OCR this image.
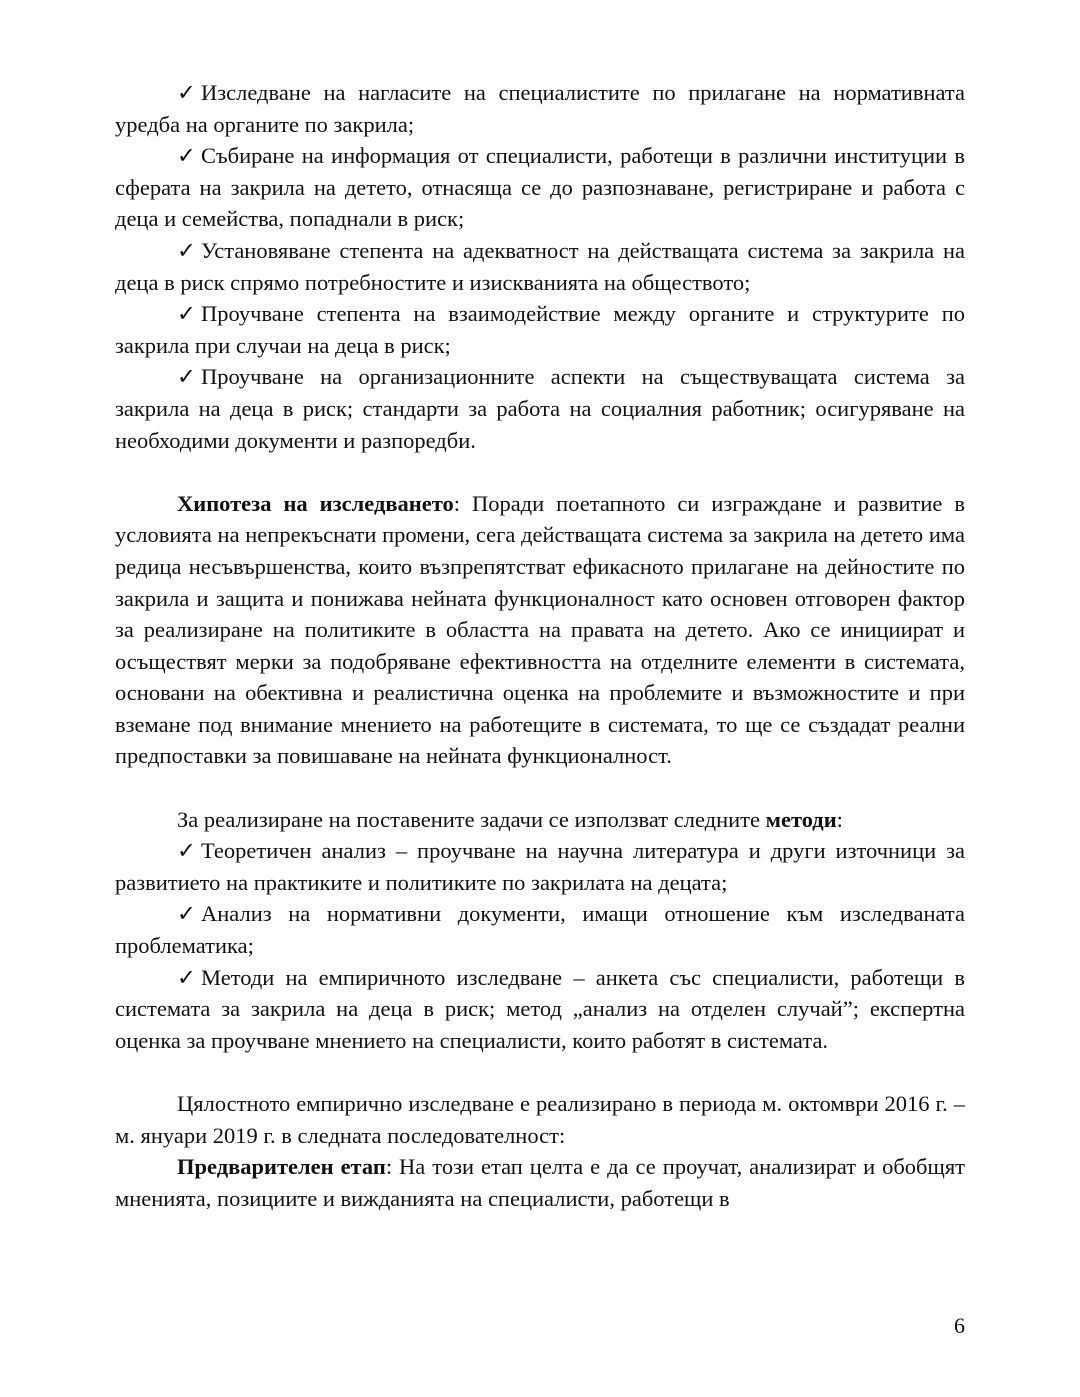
✓ Изследване на нагласите на специалистите по прилагане на нормативната уредба на органите по закрила;

✓ Събиране на информация от специалисти, работещи в различни институции в сферата на закрила на детето, отнасяща се до разпознаване, регистриране и работа с деца и семейства, попаднали в риск;

✓ Установяване степента на адекватност на действащата система за закрила на деца в риск спрямо потребностите и изискванията на обществото;

✓ Проучване степента на взаимодействие между органите и структурите по закрила при случаи на деца в риск;

✓ Проучване на организационните аспекти на съществуващата система за закрила на деца в риск; стандарти за работа на социалния работник; осигуряване на необходими документи и разпоредби.

Хипотеза на изследването: Поради поетапното си изграждане и развитие в условията на непрекъснати промени, сега действащата система за закрила на детето има редица несъвършенства, които възпрепятстват ефикасното прилагане на дейностите по закрила и защита и понижава нейната функционалност като основен отговорен фактор за реализиране на политиките в областта на правата на детето. Ако се инициират и осъществят мерки за подобряване ефективността на отделните елементи в системата, основани на обективна и реалистична оценка на проблемите и възможностите и при вземане под внимание мнението на работещите в системата, то ще се създадат реални предпоставки за повишаване на нейната функционалност.

За реализиране на поставените задачи се използват следните методи:

✓ Теоретичен анализ – проучване на научна литература и други източници за развитието на практиките и политиките по закрилата на децата;

✓ Анализ на нормативни документи, имащи отношение към изследваната проблематика;

✓ Методи на емпиричното изследване – анкета със специалисти, работещи в системата за закрила на деца в риск; метод „анализ на отделен случай”; експертна оценка за проучване мнението на специалисти, които работят в системата.

Цялостното емпирично изследване е реализирано в периода м. октомври 2016 г. – м. януари 2019 г. в следната последователност:

Предварителен етап: На този етап целта е да се проучат, анализират и обобщят мненията, позициите и вижданията на специалисти, работещи в

6
